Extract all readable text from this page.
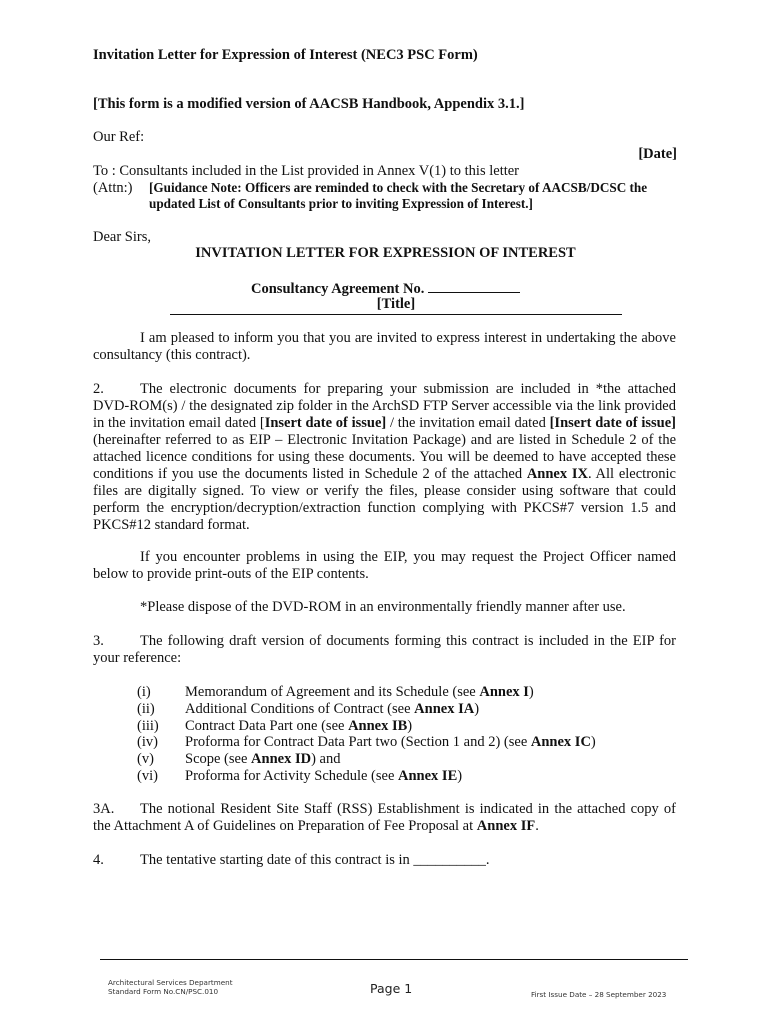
Invitation Letter for Expression of Interest (NEC3 PSC Form)
[This form is a modified version of AACSB Handbook, Appendix 3.1.]
Our Ref:
[Date]
To : Consultants included in the List provided in Annex V(1) to this letter
(Attn:) [Guidance Note: Officers are reminded to check with the Secretary of AACSB/DCSC the updated List of Consultants prior to inviting Expression of Interest.]
Dear Sirs,
INVITATION LETTER FOR EXPRESSION OF INTEREST
Consultancy Agreement No.
[Title]
I am pleased to inform you that you are invited to express interest in undertaking the above consultancy (this contract).
2. The electronic documents for preparing your submission are included in *the attached DVD-ROM(s) / the designated zip folder in the ArchSD FTP Server accessible via the link provided in the invitation email dated [Insert date of issue] / the invitation email dated [Insert date of issue] (hereinafter referred to as EIP – Electronic Invitation Package) and are listed in Schedule 2 of the attached licence conditions for using these documents. You will be deemed to have accepted these conditions if you use the documents listed in Schedule 2 of the attached Annex IX. All electronic files are digitally signed. To view or verify the files, please consider using software that could perform the encryption/decryption/extraction function complying with PKCS#7 version 1.5 and PKCS#12 standard format.
If you encounter problems in using the EIP, you may request the Project Officer named below to provide print-outs of the EIP contents.
*Please dispose of the DVD-ROM in an environmentally friendly manner after use.
3. The following draft version of documents forming this contract is included in the EIP for your reference:
(i) Memorandum of Agreement and its Schedule (see Annex I)
(ii) Additional Conditions of Contract (see Annex IA)
(iii) Contract Data Part one (see Annex IB)
(iv) Proforma for Contract Data Part two (Section 1 and 2) (see Annex IC)
(v) Scope (see Annex ID) and
(vi) Proforma for Activity Schedule (see Annex IE)
3A. The notional Resident Site Staff (RSS) Establishment is indicated in the attached copy of the Attachment A of Guidelines on Preparation of Fee Proposal at Annex IF.
4. The tentative starting date of this contract is in __________.
Architectural Services Department
Standard Form No.CN/PSC.010	Page 1	First Issue Date – 28 September 2023
